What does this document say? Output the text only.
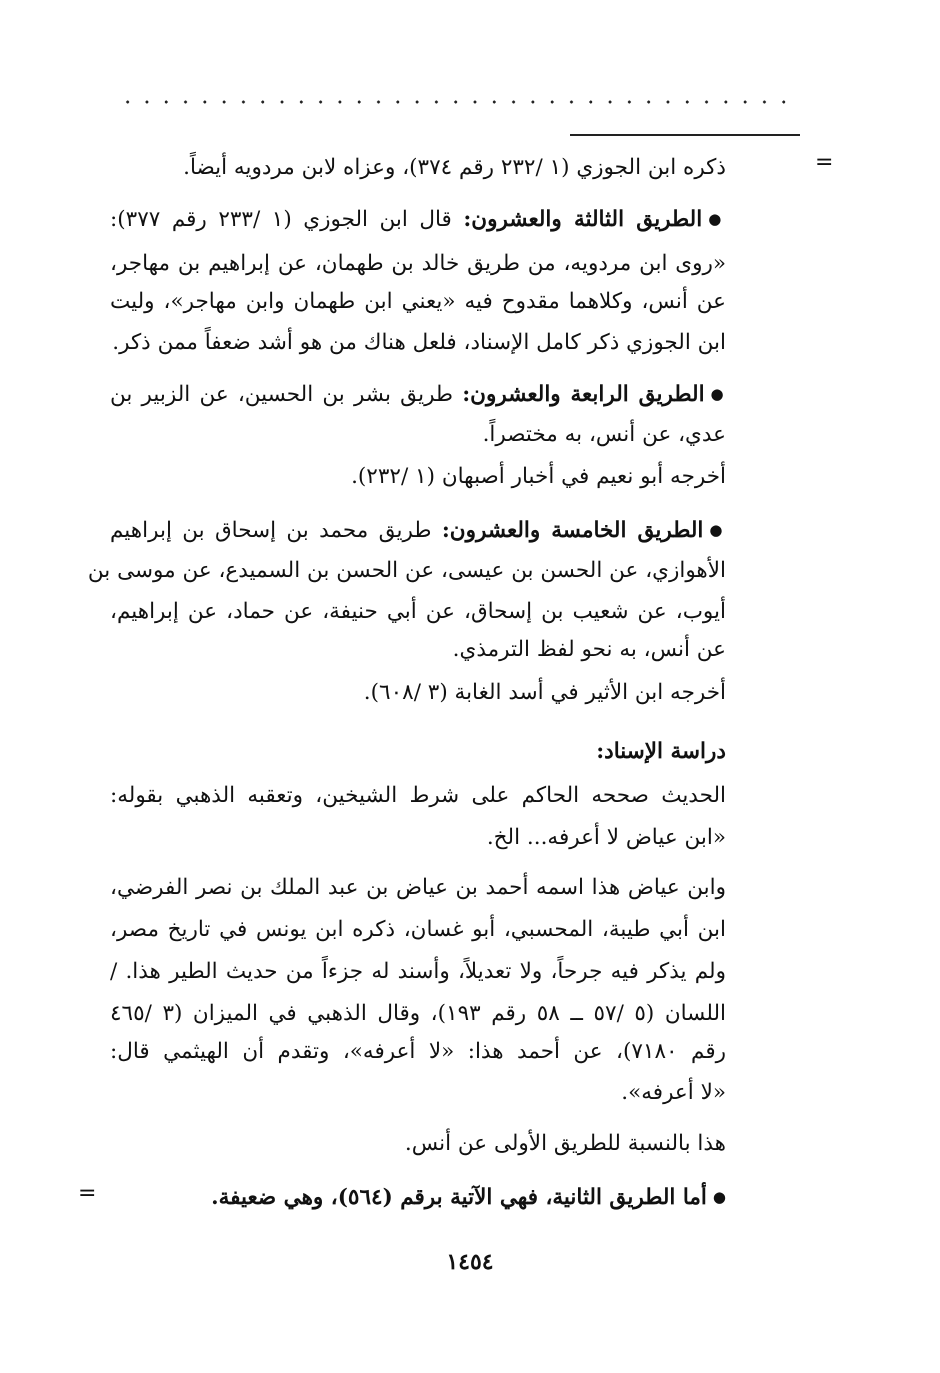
=
=
ذكره ابن الجوزي (١ /٢٣٢ رقم ٣٧٤)، وعزاه لابن مردويه أيضاً.
●الطريق الثالثة والعشرون: قال ابن الجوزي (١ /٢٣٣ رقم ٣٧٧):
«روى ابن مردويه، من طريق خالد بن طهمان، عن إبراهيم بن مهاجر،
عن أنس، وكلاهما مقدوح فيه «يعني ابن طهمان وابن مهاجر»، وليت
ابن الجوزي ذكر كامل الإسناد، فلعل هناك من هو أشد ضعفاً ممن ذكر.
●الطريق الرابعة والعشرون: طريق بشر بن الحسين، عن الزبير بن
عدي، عن أنس، به مختصراً.
أخرجه أبو نعيم في أخبار أصبهان (١ /٢٣٢).
●الطريق الخامسة والعشرون: طريق محمد بن إسحاق بن إبراهيم
الأهوازي، عن الحسن بن عيسى، عن الحسن بن السميدع، عن موسى بن
أيوب، عن شعيب بن إسحاق، عن أبي حنيفة، عن حماد، عن إبراهيم،
عن أنس، به نحو لفظ الترمذي.
أخرجه ابن الأثير في أسد الغابة (٣ /٦٠٨).
دراسة الإسناد:
الحديث صححه الحاكم على شرط الشيخين، وتعقبه الذهبي بقوله:
«ابن عياض لا أعرفه... الخ.
وابن عياض هذا اسمه أحمد بن عياض بن عبد الملك بن نصر الفرضي،
ابن أبي طيبة، المحسبي، أبو غسان، ذكره ابن يونس في تاريخ مصر،
ولم يذكر فيه جرحاً، ولا تعديلاً، وأسند له جزءاً من حديث الطير هذا. /
اللسان (٥ /٥٧ ــ ٥٨ رقم ١٩٣)، وقال الذهبي في الميزان (٣ /٤٦٥
رقم ٧١٨٠)، عن أحمد هذا: «لا أعرفه»، وتقدم أن الهيثمي قال:
«لا أعرفه».
هذا بالنسبة للطريق الأولى عن أنس.
●أما الطريق الثانية، فهي الآتية برقم (٥٦٤)، وهي ضعيفة.
١٤٥٤
